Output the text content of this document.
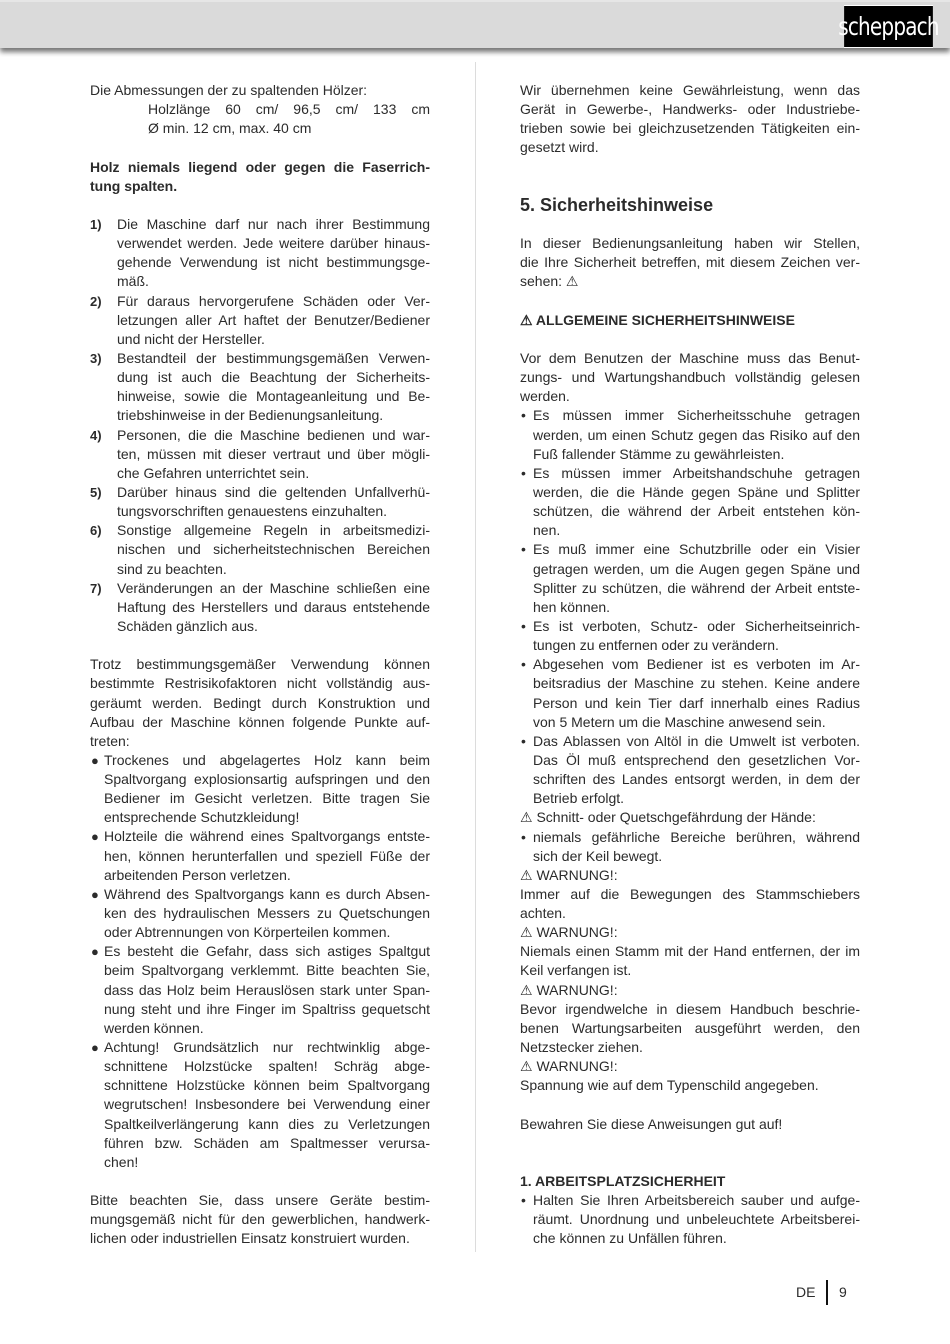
scheppach
Die Abmessungen der zu spaltenden Hölzer:
Holzlänge 60 cm/ 96,5 cm/ 133 cm
Ø min. 12 cm, max. 40 cm
Holz niemals liegend oder gegen die Faserrich-
tung spalten.
1) Die Maschine darf nur nach ihrer Bestimmung
verwendet werden. Jede weitere darüber hinaus-
gehende Verwendung ist nicht bestimmungsge-
mäß.
2) Für daraus hervorgerufene Schäden oder Ver-
letzungen aller Art haftet der Benutzer/Bediener
und nicht der Hersteller.
3) Bestandteil der bestimmungsgemäßen Verwen-
dung ist auch die Beachtung der Sicherheits-
hinweise, sowie die Montageanleitung und Be-
triebshinweise in der Bedienungsanleitung.
4) Personen, die die Maschine bedienen und war-
ten, müssen mit dieser vertraut und über mögli-
che Gefahren unterrichtet sein.
5) Darüber hinaus sind die geltenden Unfallverhü-
tungsvorschriften genauestens einzuhalten.
6) Sonstige allgemeine Regeln in arbeitsmedizi-
nischen und sicherheitstechnischen Bereichen
sind zu beachten.
7) Veränderungen an der Maschine schließen eine
Haftung des Herstellers und daraus entstehende
Schäden gänzlich aus.
Trotz bestimmungsgemäßer Verwendung können
bestimmte Restrisikofaktoren nicht vollständig aus-
geräumt werden. Bedingt durch Konstruktion und
Aufbau der Maschine können folgende Punkte auf-
treten:
● Trockenes und abgelagertes Holz kann beim
Spaltvorgang explosionsartig aufspringen und den
Bediener im Gesicht verletzen. Bitte tragen Sie
entsprechende Schutzkleidung!
● Holzteile die während eines Spaltvorgangs entste-
hen, können herunterfallen und speziell Füße der
arbeitenden Person verletzen.
● Während des Spaltvorgangs kann es durch Absen-
ken des hydraulischen Messers zu Quetschungen
oder Abtrennungen von Körperteilen kommen.
● Es besteht die Gefahr, dass sich astiges Spaltgut
beim Spaltvorgang verklemmt. Bitte beachten Sie,
dass das Holz beim Herauslösen stark unter Span-
nung steht und ihre Finger im Spaltriss gequetscht
werden können.
● Achtung! Grundsätzlich nur rechtwinklig abge-
schnittene Holzstücke spalten! Schräg abge-
schnittene Holzstücke können beim Spaltvorgang
wegrutschen! Insbesondere bei Verwendung einer
Spaltkeilverlängerung kann dies zu Verletzungen
führen bzw. Schäden am Spaltmesser verursa-
chen!
Bitte beachten Sie, dass unsere Geräte bestim-
mungsgemäß nicht für den gewerblichen, handwerk-
lichen oder industriellen Einsatz konstruiert wurden.
Wir übernehmen keine Gewährleistung, wenn das
Gerät in Gewerbe-, Handwerks- oder Industriebe-
trieben sowie bei gleichzusetzenden Tätigkeiten ein-
gesetzt wird.
5. Sicherheitshinweise
In dieser Bedienungsanleitung haben wir Stellen,
die Ihre Sicherheit betreffen, mit diesem Zeichen ver-
sehen: ⚠
⚠ ALLGEMEINE SICHERHEITSHINWEISE
Vor dem Benutzen der Maschine muss das Benut-
zungs- und Wartungshandbuch vollständig gelesen
werden.
• Es müssen immer Sicherheitsschuhe getragen
werden, um einen Schutz gegen das Risiko auf den
Fuß fallender Stämme zu gewährleisten.
• Es müssen immer Arbeitshandschuhe getragen
werden, die die Hände gegen Späne und Splitter
schützen, die während der Arbeit entstehen kön-
nen.
• Es muß immer eine Schutzbrille oder ein Visier
getragen werden, um die Augen gegen Späne und
Splitter zu schützen, die während der Arbeit entste-
hen können.
• Es ist verboten, Schutz- oder Sicherheitseinrich-
tungen zu entfernen oder zu verändern.
• Abgesehen vom Bediener ist es verboten im Ar-
beitsradius der Maschine zu stehen. Keine andere
Person und kein Tier darf innerhalb eines Radius
von 5 Metern um die Maschine anwesend sein.
• Das Ablassen von Altöl in die Umwelt ist verboten.
Das Öl muß entsprechend den gesetzlichen Vor-
schriften des Landes entsorgt werden, in dem der
Betrieb erfolgt.
⚠ Schnitt- oder Quetschgefährdung der Hände:
• niemals gefährliche Bereiche berühren, während
sich der Keil bewegt.
⚠ WARNUNG!:
Immer auf die Bewegungen des Stammschiebers
achten.
⚠ WARNUNG!:
Niemals einen Stamm mit der Hand entfernen, der im
Keil verfangen ist.
⚠ WARNUNG!:
Bevor irgendwelche in diesem Handbuch beschrie-
benen Wartungsarbeiten ausgeführt werden, den
Netzstecker ziehen.
⚠ WARNUNG!:
Spannung wie auf dem Typenschild angegeben.
Bewahren Sie diese Anweisungen gut auf!
1. ARBEITSPLATZSICHERHEIT
• Halten Sie Ihren Arbeitsbereich sauber und aufge-
räumt. Unordnung und unbeleuchtete Arbeitsberei-
che können zu Unfällen führen.
DE 9
